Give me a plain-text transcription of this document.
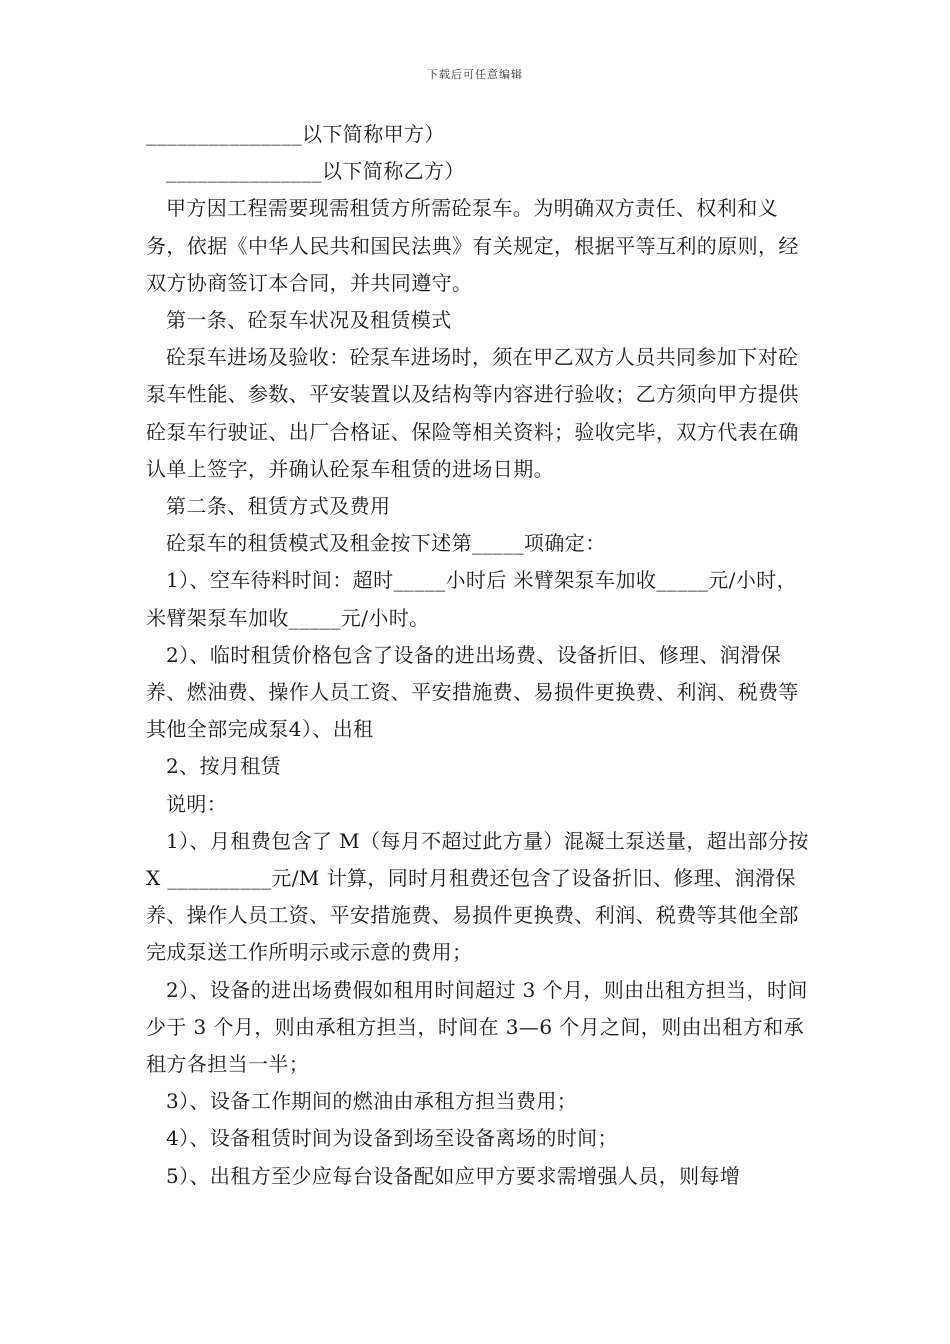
下载后可任意编辑

_______________以下简称甲方）

_______________以下简称乙方）

甲方因工程需要现需租赁方所需砼泵车。为明确双方责任、权利和义务，依据《中华人民共和国民法典》有关规定，根据平等互利的原则，经双方协商签订本合同，并共同遵守。

第一条、砼泵车状况及租赁模式

砼泵车进场及验收：砼泵车进场时，须在甲乙双方人员共同参加下对砼泵车性能、参数、平安装置以及结构等内容进行验收；乙方须向甲方提供砼泵车行驶证、出厂合格证、保险等相关资料；验收完毕，双方代表在确认单上签字，并确认砼泵车租赁的进场日期。

第二条、租赁方式及费用

砼泵车的租赁模式及租金按下述第_____项确定：

1）、空车待料时间：超时_____小时后 米臂架泵车加收_____元/小时， 米臂架泵车加收_____元/小时。

2）、临时租赁价格包含了设备的进出场费、设备折旧、修理、润滑保养、燃油费、操作人员工资、平安措施费、易损件更换费、利润、税费等其他全部完成泵4）、出租

2、按月租赁

说明：

1）、月租费包含了 M（每月不超过此方量）混凝土泵送量，超出部分按 X __________元/M 计算，同时月租费还包含了设备折旧、修理、润滑保养、操作人员工资、平安措施费、易损件更换费、利润、税费等其他全部完成泵送工作所明示或示意的费用；

2）、设备的进出场费假如租用时间超过 3 个月，则由出租方担当，时间少于 3 个月，则由承租方担当，时间在 3—6 个月之间，则由出租方和承租方各担当一半；

3）、设备工作期间的燃油由承租方担当费用；

4）、设备租赁时间为设备到场至设备离场的时间；

5）、出租方至少应每台设备配如应甲方要求需增强人员，则每增
